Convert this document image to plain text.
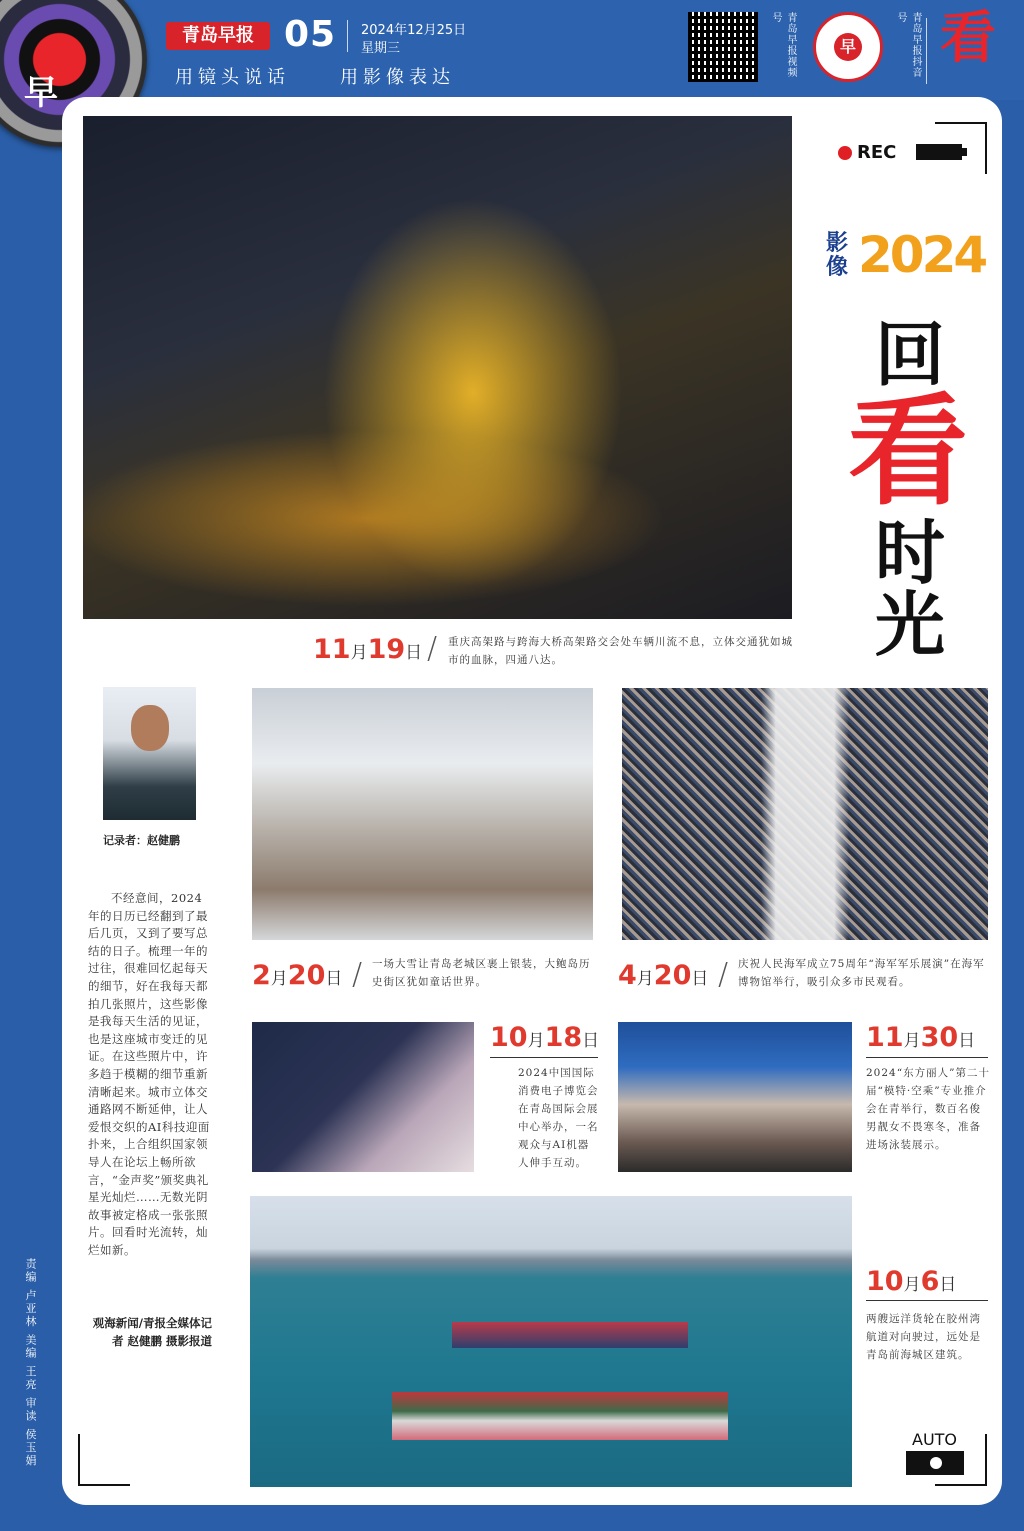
早
青岛早报 05 2024年12月25日
星期三
用镜头说话	用影像表达	青岛早报视频号
早	青岛早报抖音号 看
REC
影像 2024
回
看
时
光
11月19日 / 重庆高架路与跨海大桥高架路交会处车辆川流不息，立体交通犹如城市的血脉，四通八达。
记录者：赵健鹏
不经意间，2024年的日历已经翻到了最后几页，又到了要写总结的日子。梳理一年的过往，很难回忆起每天的细节，好在我每天都拍几张照片，这些影像是我每天生活的见证，也是这座城市变迁的见证。在这些照片中，许多趋于模糊的细节重新清晰起来。城市立体交通路网不断延伸，让人爱恨交织的AI科技迎面扑来，上合组织国家领导人在论坛上畅所欲言，“金声奖”颁奖典礼星光灿烂……无数光阴故事被定格成一张张照片。回看时光流转，灿烂如新。
观海新闻/青报全媒体记者 赵健鹏 摄影报道
2月20日 / 一场大雪让青岛老城区裹上银装，大鲍岛历史街区犹如童话世界。	4月20日 / 庆祝人民海军成立75周年“海军军乐展演”在海军博物馆举行，吸引众多市民观看。
10月18日
2024中国国际消费电子博览会在青岛国际会展中心举办，一名观众与AI机器人伸手互动。
11月30日
2024“东方丽人”第二十届“模特·空乘”专业推介会在青举行，数百名俊男靓女不畏寒冬，准备进场泳装展示。
10月6日
两艘远洋货轮在胶州湾航道对向驶过，远处是青岛前海城区建筑。
AUTO
责编 卢亚林 美编 王亮 审读 侯玉娟
